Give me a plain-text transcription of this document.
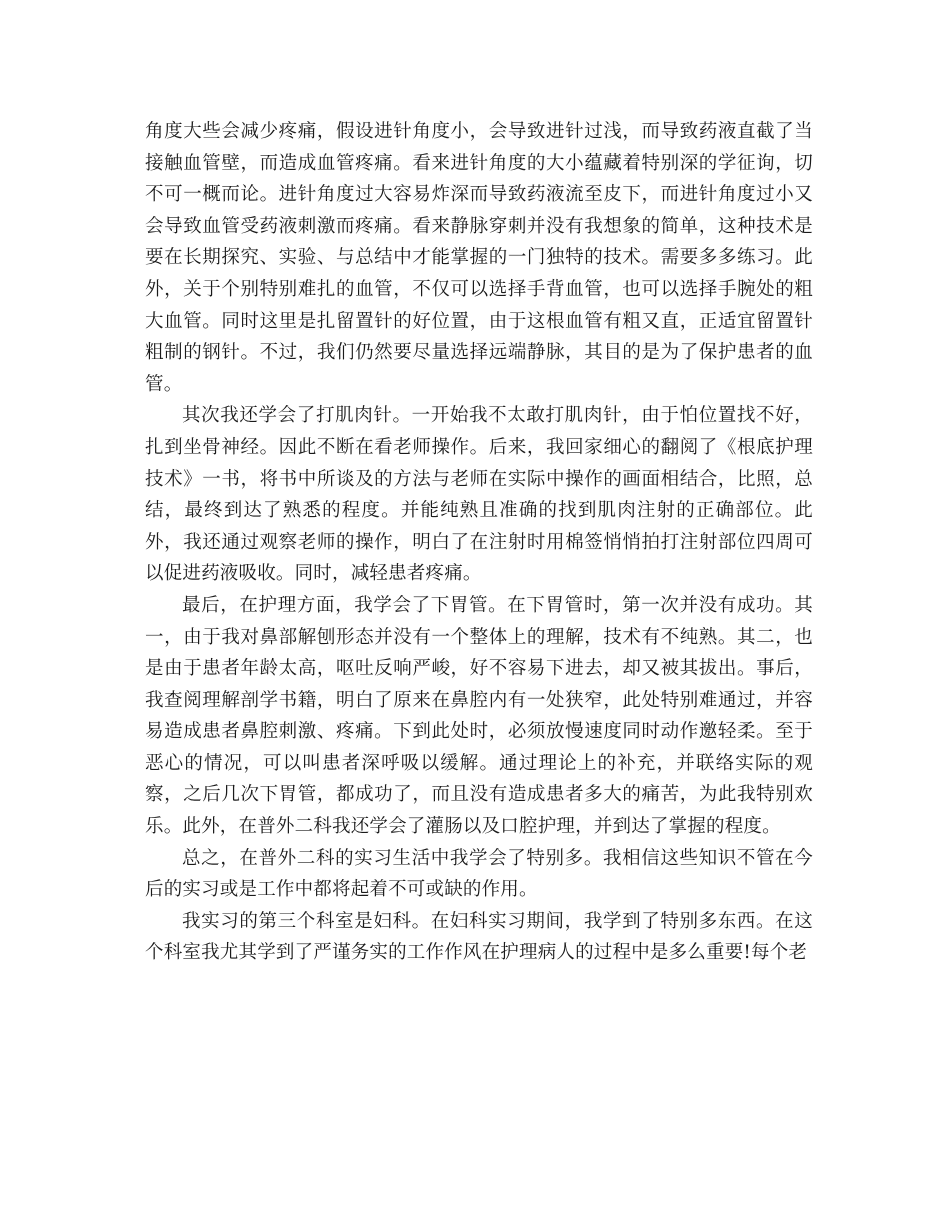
角度大些会减少疼痛，假设进针角度小，会导致进针过浅，而导致药液直截了当接触血管壁，而造成血管疼痛。看来进针角度的大小蕴藏着特别深的学征询，切不可一概而论。进针角度过大容易炸深而导致药液流至皮下，而进针角度过小又会导致血管受药液刺激而疼痛。看来静脉穿刺并没有我想象的简单，这种技术是要在长期探究、实验、与总结中才能掌握的一门独特的技术。需要多多练习。此外，关于个别特别难扎的血管，不仅可以选择手背血管，也可以选择手腕处的粗大血管。同时这里是扎留置针的好位置，由于这根血管有粗又直，正适宜留置针粗制的钢针。不过，我们仍然要尽量选择远端静脉，其目的是为了保护患者的血管。

其次我还学会了打肌肉针。一开始我不太敢打肌肉针，由于怕位置找不好，扎到坐骨神经。因此不断在看老师操作。后来，我回家细心的翻阅了《根底护理技术》一书，将书中所谈及的方法与老师在实际中操作的画面相结合，比照，总结，最终到达了熟悉的程度。并能纯熟且准确的找到肌肉注射的正确部位。此外，我还通过观察老师的操作，明白了在注射时用棉签悄悄拍打注射部位四周可以促进药液吸收。同时，减轻患者疼痛。

最后，在护理方面，我学会了下胃管。在下胃管时，第一次并没有成功。其一，由于我对鼻部解刨形态并没有一个整体上的理解，技术有不纯熟。其二，也是由于患者年龄太高，呕吐反响严峻，好不容易下进去，却又被其拔出。事后，我查阅理解剖学书籍，明白了原来在鼻腔内有一处狭窄，此处特别难通过，并容易造成患者鼻腔刺激、疼痛。下到此处时，必须放慢速度同时动作邀轻柔。至于恶心的情况，可以叫患者深呼吸以缓解。通过理论上的补充，并联络实际的观察，之后几次下胃管，都成功了，而且没有造成患者多大的痛苦，为此我特别欢乐。此外，在普外二科我还学会了灌肠以及口腔护理，并到达了掌握的程度。

总之，在普外二科的实习生活中我学会了特别多。我相信这些知识不管在今后的实习或是工作中都将起着不可或缺的作用。

我实习的第三个科室是妇科。在妇科实习期间，我学到了特别多东西。在这个科室我尤其学到了严谨务实的工作作风在护理病人的过程中是多么重要!每个老
